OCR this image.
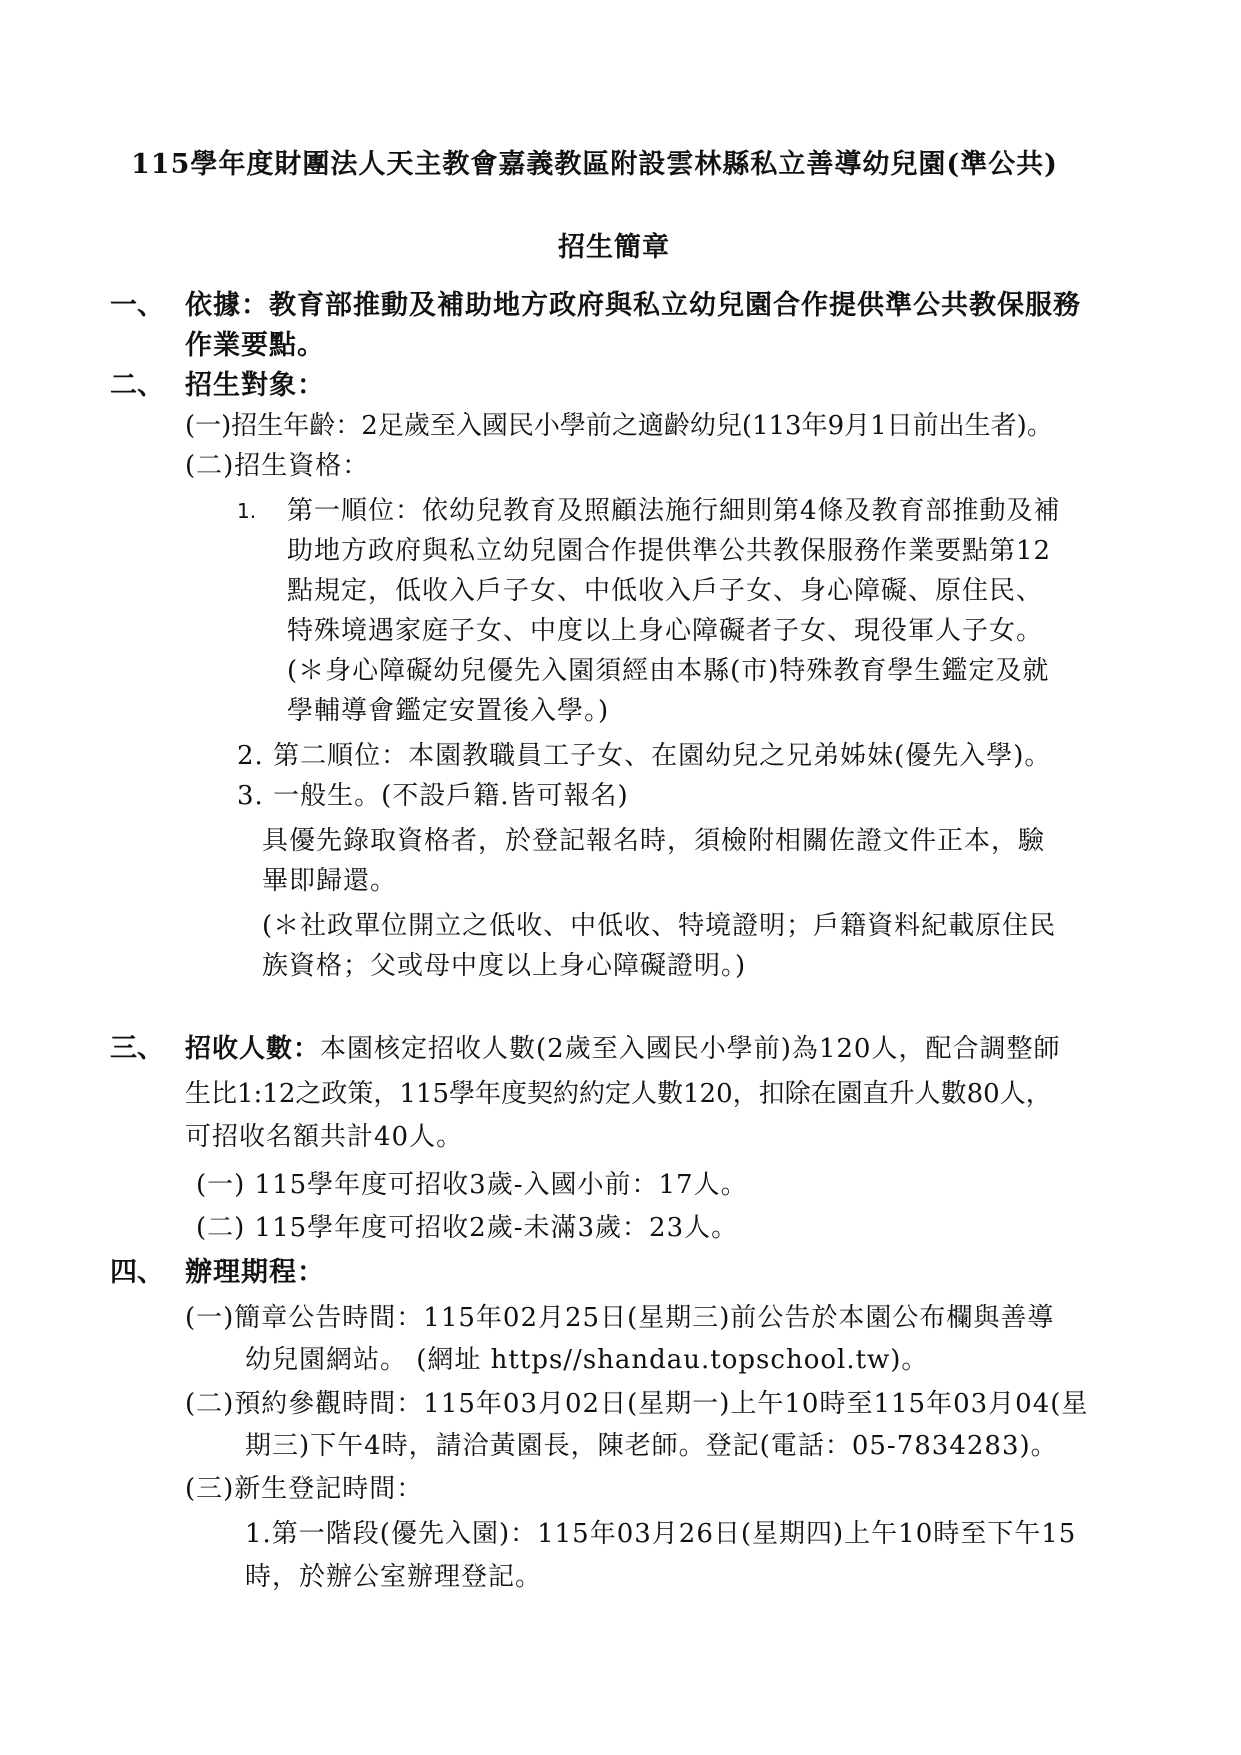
115學年度財團法人天主教會嘉義教區附設雲林縣私立善導幼兒園(準公共)
招生簡章
一、 依據：教育部推動及補助地方政府與私立幼兒園合作提供準公共教保服務
作業要點。
二、 招生對象：
(一)招生年齡：2足歲至入國民小學前之適齡幼兒(113年9月1日前出生者)。
(二)招生資格：
1. 第一順位：依幼兒教育及照顧法施行細則第4條及教育部推動及補
助地方政府與私立幼兒園合作提供準公共教保服務作業要點第12
點規定，低收入戶子女、中低收入戶子女、身心障礙、原住民、
特殊境遇家庭子女、中度以上身心障礙者子女、現役軍人子女。
(＊身心障礙幼兒優先入園須經由本縣(市)特殊教育學生鑑定及就
學輔導會鑑定安置後入學。)
2. 第二順位：本園教職員工子女、在園幼兒之兄弟姊妹(優先入學)。
3. 一般生。(不設戶籍.皆可報名)
具優先錄取資格者，於登記報名時，須檢附相關佐證文件正本，驗
畢即歸還。
(＊社政單位開立之低收、中低收、特境證明；戶籍資料紀載原住民
族資格；父或母中度以上身心障礙證明。)
三、 招收人數：本園核定招收人數(2歲至入國民小學前)為120人，配合調整師
生比1:12之政策，115學年度契約約定人數120，扣除在園直升人數80人，
可招收名額共計40人。
(一) 115學年度可招收3歲-入國小前：17人。
(二) 115學年度可招收2歲-未滿3歲：23人。
四、 辦理期程：
(一)簡章公告時間：115年02月25日(星期三)前公告於本園公布欄與善導
幼兒園網站。 (網址 https//shandau.topschool.tw)。
(二)預約參觀時間：115年03月02日(星期一)上午10時至115年03月04(星
期三)下午4時，請洽黃園長，陳老師。登記(電話：05-7834283)。
(三)新生登記時間：
1.第一階段(優先入園)：115年03月26日(星期四)上午10時至下午15
時，於辦公室辦理登記。
